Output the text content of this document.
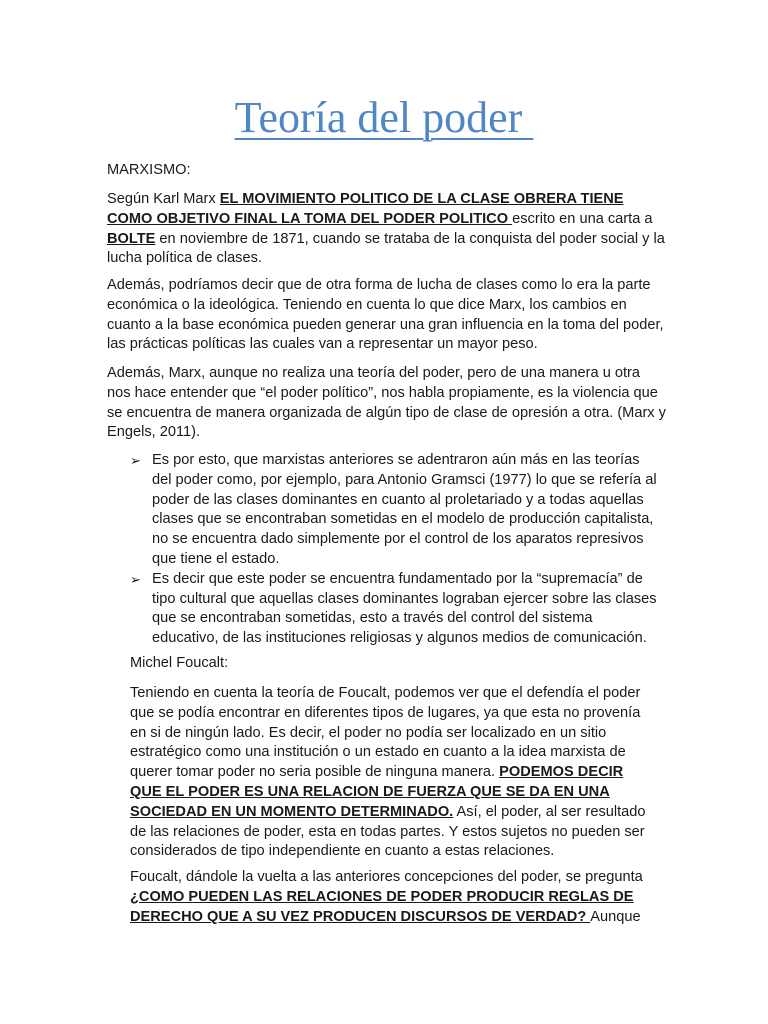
Teoría del poder

MARXISMO:

Según Karl Marx EL MOVIMIENTO POLITICO DE LA CLASE OBRERA TIENE COMO OBJETIVO FINAL LA TOMA DEL PODER POLITICO escrito en una carta a BOLTE en noviembre de 1871, cuando se trataba de la conquista del poder social y la lucha política de clases.

Además, podríamos decir que de otra forma de lucha de clases como lo era la parte económica o la ideológica. Teniendo en cuenta lo que dice Marx, los cambios en cuanto a la base económica pueden generar una gran influencia en la toma del poder, las prácticas políticas las cuales van a representar un mayor peso.

Además, Marx, aunque no realiza una teoría del poder, pero de una manera u otra nos hace entender que “el poder político”, nos habla propiamente, es la violencia que se encuentra de manera organizada de algún tipo de clase de opresión a otra. (Marx y Engels, 2011).

➢ Es por esto, que marxistas anteriores se adentraron aún más en las teorías del poder como, por ejemplo, para Antonio Gramsci (1977) lo que se refería al poder de las clases dominantes en cuanto al proletariado y a todas aquellas clases que se encontraban sometidas en el modelo de producción capitalista, no se encuentra dado simplemente por el control de los aparatos represivos que tiene el estado.
➢ Es decir que este poder se encuentra fundamentado por la “supremacía” de tipo cultural que aquellas clases dominantes lograban ejercer sobre las clases que se encontraban sometidas, esto a través del control del sistema educativo, de las instituciones religiosas y algunos medios de comunicación.

Michel Foucalt:

Teniendo en cuenta la teoría de Foucalt, podemos ver que el defendía el poder que se podía encontrar en diferentes tipos de lugares, ya que esta no provenía en si de ningún lado. Es decir, el poder no podía ser localizado en un sitio estratégico como una institución o un estado en cuanto a la idea marxista de querer tomar poder no seria posible de ninguna manera. PODEMOS DECIR QUE EL PODER ES UNA RELACION DE FUERZA QUE SE DA EN UNA SOCIEDAD EN UN MOMENTO DETERMINADO. Así, el poder, al ser resultado de las relaciones de poder, esta en todas partes. Y estos sujetos no pueden ser considerados de tipo independiente en cuanto a estas relaciones.

Foucalt, dándole la vuelta a las anteriores concepciones del poder, se pregunta ¿COMO PUEDEN LAS RELACIONES DE PODER PRODUCIR REGLAS DE DERECHO QUE A SU VEZ PRODUCEN DISCURSOS DE VERDAD? Aunque
